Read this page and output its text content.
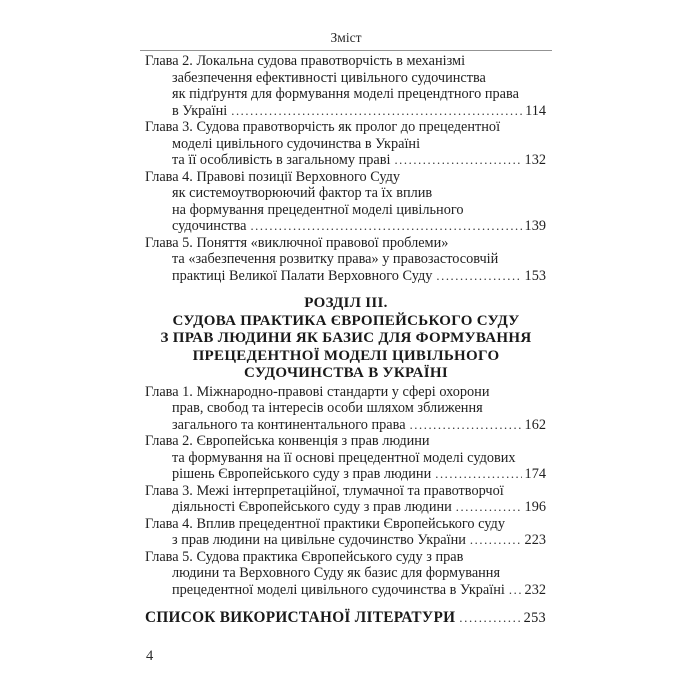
Зміст
Глава 2. Локальна судова правотворчість в механізмі
забезпечення ефективності цивільного судочинства
як підґрунтя для формування моделі прецендтного права
в Україні .....	114
Глава 3. Судова правотворчість як пролог до прецедентної
моделі цивільного судочинства в Україні
та її особливість в загальному праві .....	132
Глава 4. Правові позиції Верховного Суду
як системоутворюючий фактор та їх вплив
на формування прецедентної моделі цивільного
судочинства .....	139
Глава 5. Поняття «виключної правової проблеми»
та «забезпечення розвитку права» у правозастосовчій
практиці Великої Палати Верховного Суду .....	153
РОЗДІЛ ІІІ.
СУДОВА ПРАКТИКА ЄВРОПЕЙСЬКОГО СУДУ
З ПРАВ ЛЮДИНИ ЯК БАЗИС ДЛЯ ФОРМУВАННЯ
ПРЕЦЕДЕНТНОЇ МОДЕЛІ ЦИВІЛЬНОГО
СУДОЧИНСТВА В УКРАЇНІ
Глава 1. Міжнародно-правові стандарти у сфері охорони
прав, свобод та інтересів особи шляхом зближення
загального та континентального права .....	162
Глава 2. Європейська конвенція з прав людини
та формування на її основі прецедентної моделі судових
рішень Європейського суду з прав людини .....	174
Глава 3. Межі інтерпретаційної, тлумачної та правотворчої
діяльності Європейського суду з прав людини .....	196
Глава 4. Вплив прецедентної практики Європейського суду
з прав людини на цивільне судочинство України .....	223
Глава 5. Судова практика Європейського суду з прав
людини та Верховного Суду як базис для формування
прецедентної моделі цивільного судочинства в Україні ..... 232
СПИСОК ВИКОРИСТАНОЇ ЛІТЕРАТУРИ .....	253
4
